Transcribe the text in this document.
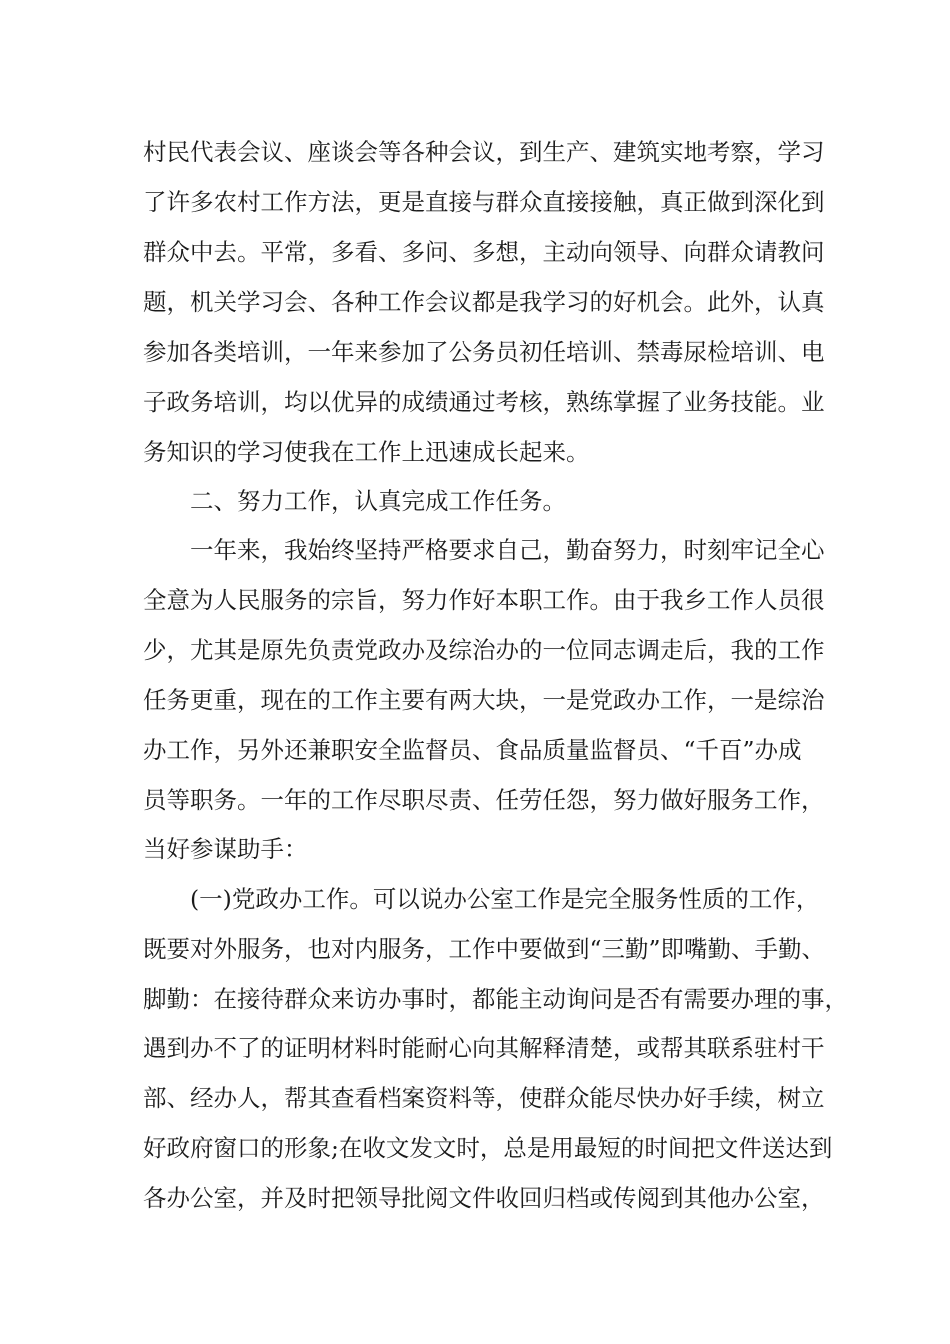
村民代表会议、座谈会等各种会议，到生产、建筑实地考察，学习
了许多农村工作方法，更是直接与群众直接接触，真正做到深化到
群众中去。平常，多看、多问、多想，主动向领导、向群众请教问
题，机关学习会、各种工作会议都是我学习的好机会。此外，认真
参加各类培训，一年来参加了公务员初任培训、禁毒尿检培训、电
子政务培训，均以优异的成绩通过考核，熟练掌握了业务技能。业
务知识的学习使我在工作上迅速成长起来。
二、努力工作，认真完成工作任务。
一年来，我始终坚持严格要求自己，勤奋努力，时刻牢记全心
全意为人民服务的宗旨，努力作好本职工作。由于我乡工作人员很
少，尤其是原先负责党政办及综治办的一位同志调走后，我的工作
任务更重，现在的工作主要有两大块，一是党政办工作，一是综治
办工作，另外还兼职安全监督员、食品质量监督员、“千百”办成
员等职务。一年的工作尽职尽责、任劳任怨，努力做好服务工作，
当好参谋助手：
(一)党政办工作。可以说办公室工作是完全服务性质的工作，
既要对外服务，也对内服务，工作中要做到“三勤”即嘴勤、手勤、
脚勤：在接待群众来访办事时，都能主动询问是否有需要办理的事，
遇到办不了的证明材料时能耐心向其解释清楚，或帮其联系驻村干
部、经办人，帮其查看档案资料等，使群众能尽快办好手续，树立
好政府窗口的形象;在收文发文时，总是用最短的时间把文件送达到
各办公室，并及时把领导批阅文件收回归档或传阅到其他办公室，
